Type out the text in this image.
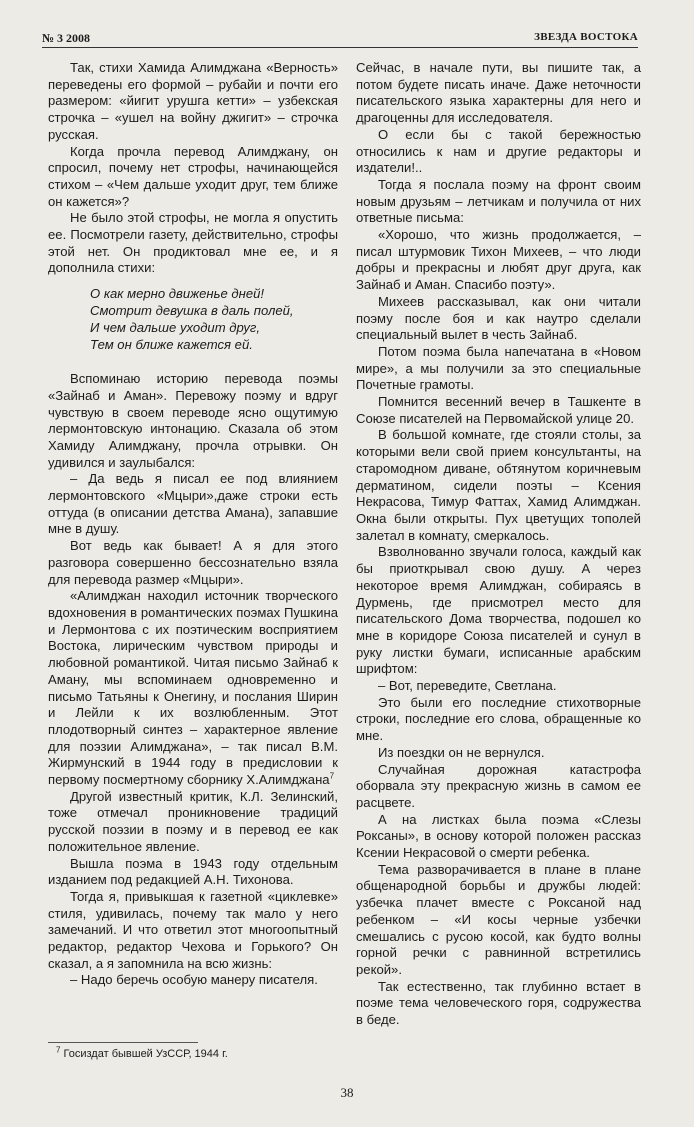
№ 3 2008	ЗВЕЗДА ВОСТОКА

Так, стихи Хамида Алимджана «Верность» переведены его формой – рубайи и почти его размером: «йигит урушга кетти» – узбекская строчка – «ушел на войну джигит» – строчка русская.

Когда прочла перевод Алимджану, он спросил, почему нет строфы, начинающейся стихом – «Чем дальше уходит друг, тем ближе он кажется»?

Не было этой строфы, не могла я опустить ее. Посмотрели газету, действительно, строфы этой нет. Он продиктовал мне ее, и я дополнила стихи:

О как мерно движенье дней!
Смотрит девушка в даль полей,
И чем дальше уходит друг,
Тем он ближе кажется ей.

Вспоминаю историю перевода поэмы «Зайнаб и Аман». Перевожу поэму и вдруг чувствую в своем переводе ясно ощутимую лермонтовскую интонацию. Сказала об этом Хамиду Алимджану, прочла отрывки. Он удивился и заулыбался:

– Да ведь я писал ее под влиянием лермонтовского «Мцыри»,даже строки есть оттуда (в описании детства Амана), запавшие мне в душу.

Вот ведь как бывает! А я для этого разговора совершенно бессознательно взяла для перевода размер «Мцыри».

«Алимджан находил источник творческого вдохновения в романтических поэмах Пушкина и Лермонтова с их поэтическим восприятием Востока, лирическим чувством природы и любовной романтикой. Читая письмо Зайнаб к Аману, мы вспоминаем одновременно и письмо Татьяны к Онегину, и послания Ширин и Лейли к их возлюбленным. Этот плодотворный синтез – характерное явление для поэзии Алимджана», – так писал В.М. Жирмунский в 1944 году в предисловии к первому посмертному сборнику Х.Алимджана$^7$

Другой известный критик, К.Л. Зелинский, тоже отмечал проникновение традиций русской поэзии в поэму и в перевод ее как положительное явление.

Вышла поэма в 1943 году отдельным изданием под редакцией А.Н. Тихонова.

Тогда я, привыкшая к газетной «циклевке» стиля, удивилась, почему так мало у него замечаний. И что ответил этот многоопытный редактор, редактор Чехова и Горького? Он сказал, а я запомнила на всю жизнь:

– Надо беречь особую манеру писателя.

Сейчас, в начале пути, вы пишите так, а потом будете писать иначе. Даже неточности писательского языка характерны для него и драгоценны для исследователя.

О если бы с такой бережностью относились к нам и другие редакторы и издатели!..

Тогда я послала поэму на фронт своим новым друзьям – летчикам и получила от них ответные письма:

«Хорошо, что жизнь продолжается, – писал штурмовик Тихон Михеев, – что люди добры и прекрасны и любят друг друга, как Зайнаб и Аман. Спасибо поэту».

Михеев рассказывал, как они читали поэму после боя и как наутро сделали специальный вылет в честь Зайнаб.

Потом поэма была напечатана в «Новом мире», а мы получили за это специальные Почетные грамоты.

Помнится весенний вечер в Ташкенте в Союзе писателей на Первомайской улице 20.

В большой комнате, где стояли столы, за которыми вели свой прием консультанты, на старомодном диване, обтянутом коричневым дерматином, сидели поэты – Ксения Некрасова, Тимур Фаттах, Хамид Алимджан. Окна были открыты. Пух цветущих тополей залетал в комнату, смеркалось.

Взволнованно звучали голоса, каждый как бы приоткрывал свою душу. А через некоторое время Алимджан, собираясь в Дурмень, где присмотрел место для писательского Дома творчества, подошел ко мне в коридоре Союза писателей и сунул в руку листки бумаги, исписанные арабским шрифтом:

– Вот, переведите, Светлана.

Это были его последние стихотворные строки, последние его слова, обращенные ко мне.

Из поездки он не вернулся.

Случайная дорожная катастрофа оборвала эту прекрасную жизнь в самом ее расцвете.

А на листках была поэма «Слезы Роксаны», в основу которой положен рассказ Ксении Некрасовой о смерти ребенка.

Тема разворачивается в плане в плане общенародной борьбы и дружбы людей: узбечка плачет вместе с Роксаной над ребенком – «И косы черные узбечки смешались с русою косой, как будто волны горной речки с равнинной встретились рекой».

Так естественно, так глубинно встает в поэме тема человеческого горя, содружества в беде.

$^7$ Госиздат бывшей УзССР, 1944 г.
38
